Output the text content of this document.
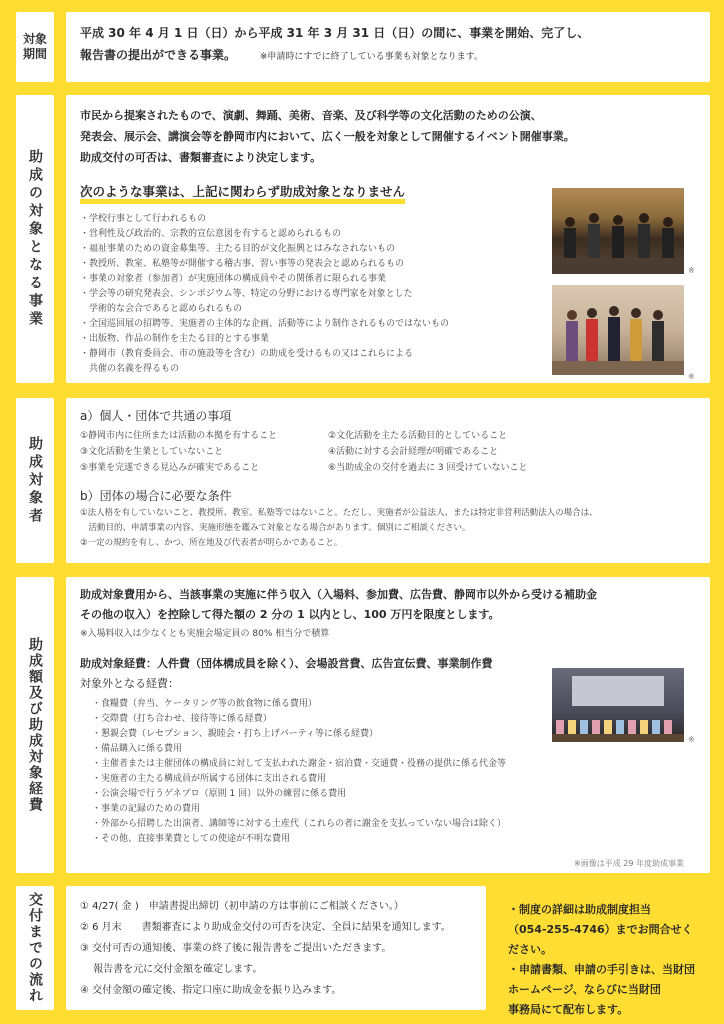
対象期間

平成 30 年 4 月 1 日（日）から平成 31 年 3 月 31 日（日）の間に、事業を開始、完了し、

報告書の提出ができる事業。	※申請時にすでに終了している事業も対象となります。

助成の対象となる事業

市民から提案されたもので、演劇、舞踊、美術、音楽、及び科学等の文化活動のための公演、

発表会、展示会、講演会等を静岡市内において、広く一般を対象として開催するイベント開催事業。

助成交付の可否は、書類審査により決定します。

次のような事業は、上記に関わらず助成対象となりません
・学校行事として行われるもの
・営利性及び政治的、宗教的宣伝意図を有すると認められるもの
・福祉事業のための資金募集等、主たる目的が文化振興とはみなされないもの
・教授所、教室、私塾等が開催する稽古事、習い事等の発表会と認められるもの
・事業の対象者（参加者）が実施団体の構成員やその関係者に限られる事業
・学会等の研究発表会、シンポジウム等、特定の分野における専門家を対象とした
　学術的な会合であると認められるもの
・全国巡回展の招聘等、実施者の主体的な企画、活動等により制作されるものではないもの
・出版物、作品の制作を主たる目的とする事業
・静岡市（教育委員会、市の施設等を含む）の助成を受けるもの又はこれらによる
　共催の名義を得るもの
※
※
助成対象者

a）個人・団体で共通の事項

①静岡市内に住所または活動の本拠を有すること	②文化活動を主たる活動目的としていること
③文化活動を生業としていないこと	④活動に対する会計経理が明確であること
⑤事業を完遂できる見込みが確実であること	⑥当助成金の交付を過去に 3 回受けていないこと

b）団体の場合に必要な条件

①法人格を有していないこと、教授所、教室、私塾等ではないこと。ただし、実施者が公益法人、または特定非営利活動法人の場合は、

　活動目的、申請事業の内容、実施形態を鑑みて対象となる場合があります。個別にご相談ください。

②一定の規約を有し、かつ、所在地及び代表者が明らかであること。

助成額及び助成対象経費

助成対象費用から、当該事業の実施に伴う収入（入場料、参加費、広告費、静岡市以外から受ける補助金

その他の収入）を控除して得た額の 2 分の 1 以内とし、100 万円を限度とします。

※入場料収入は少なくとも実施会場定員の 80% 相当分で積算

助成対象経費：人件費（団体構成員を除く）、会場設営費、広告宣伝費、事業制作費

対象外となる経費：

・食糧費（弁当、ケータリング等の飲食物に係る費用）
・交際費（打ち合わせ、接待等に係る経費）
・懇親会費（レセプション、親睦会・打ち上げパーティ等に係る経費）
・備品購入に係る費用
・主催者または主催団体の構成員に対して支払われた謝金・宿泊費・交通費・役務の提供に係る代金等
・実施者の主たる構成員が所属する団体に支出される費用
・公演会場で行うゲネプロ（原則 1 回）以外の練習に係る費用
・事業の記録のための費用
・外部から招聘した出演者、講師等に対する土産代（これらの者に謝金を支払っていない場合は除く）
・その他、直接事業費としての使途が不明な費用
※
※画像は平成 29 年度助成事業
交付までの流れ	① 4/27( 金 )　申請書提出締切（初申請の方は事前にご相談ください。）

② 6 月末　　書類審査により助成金交付の可否を決定、全員に結果を通知します。

③ 交付可否の通知後、事業の終了後に報告書をご提出いただきます。

　 報告書を元に交付金額を確定します。

④ 交付金額の確定後、指定口座に助成金を振り込みます。

・制度の詳細は助成制度担当

（054-255-4746）までお問合せください。

・申請書類、申請の手引きは、当財団

ホームページ、ならびに当財団

事務局にて配布します。
